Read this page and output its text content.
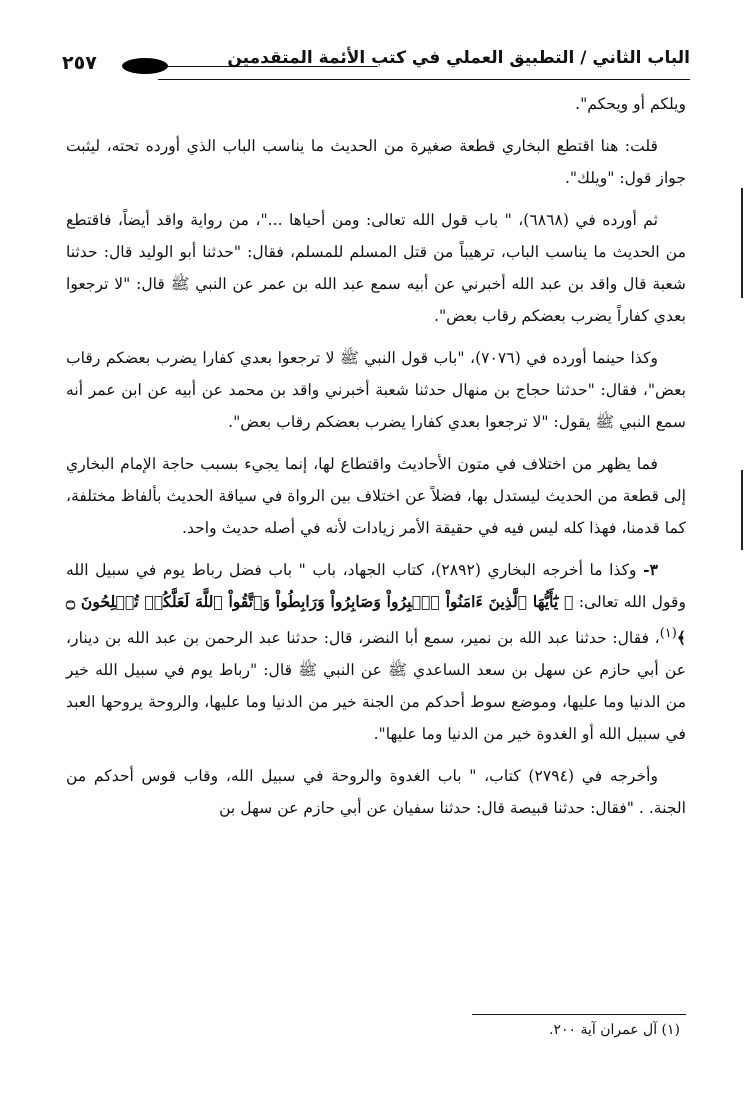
٢٥٧	الباب الثاني / التطبيق العملي في كتب الأئمة المتقدمين

ويلكم أو ويحكم".

قلت: هنا اقتطع البخاري قطعة صغيرة من الحديث ما يناسب الباب الذي أورده تحته، ليثبت جواز قول: "ويلك".

ثم أورده في (٦٨٦٨)، " باب قول الله تعالى: ومن أحياها ..."، من رواية واقد أيضاً، فاقتطع من الحديث ما يناسب الباب، ترهيباً من قتل المسلم للمسلم، فقال: "حدثنا أبو الوليد قال: حدثنا شعبة قال واقد بن عبد الله أخبرني عن أبيه سمع عبد الله بن عمر عن النبي ﷺ قال: "لا ترجعوا بعدي كفاراً يضرب بعضكم رقاب بعض".

وكذا حينما أورده في (٧٠٧٦)، "باب قول النبي ﷺ لا ترجعوا بعدي كفارا يضرب بعضكم رقاب بعض"، فقال: "حدثنا حجاج بن منهال حدثنا شعبة أخبرني واقد بن محمد عن أبيه عن ابن عمر أنه سمع النبي ﷺ يقول: "لا ترجعوا بعدي كفارا يضرب بعضكم رقاب بعض".

فما يظهر من اختلاف في متون الأحاديث واقتطاع لها، إنما يجيء بسبب حاجة الإمام البخاري إلى قطعة من الحديث ليستدل بها، فضلاً عن اختلاف بين الرواة في سياقة الحديث بألفاظ مختلفة، كما قدمنا، فهذا كله ليس فيه في حقيقة الأمر زيادات لأنه في أصله حديث واحد.

٣- وكذا ما أخرجه البخاري (٢٨٩٢)، كتاب الجهاد، باب " باب فضل رباط يوم في سبيل الله وقول الله تعالى: ﴿ يَٰٓأَيُّهَا ٱلَّذِينَ ءَامَنُواْ ٱصۡبِرُواْ وَصَابِرُواْ وَرَابِطُواْ وَٱتَّقُواْ ٱللَّهَ لَعَلَّكُمۡ تُفۡلِحُونَ ۝ ﴾$^{(١)}$، فقال: حدثنا عبد الله بن نمير، سمع أبا النضر، قال: حدثنا عبد الرحمن بن عبد الله بن دينار، عن أبي حازم عن سهل بن سعد الساعدي ﷺ عن النبي ﷺ قال: "رباط يوم في سبيل الله خير من الدنيا وما عليها، وموضع سوط أحدكم من الجنة خير من الدنيا وما عليها، والروحة يروحها العبد في سبيل الله أو الغدوة خير من الدنيا وما عليها".

وأخرجه في (٢٧٩٤) كتاب، " باب الغدوة والروحة في سبيل الله، وقاب قوس أحدكم من الجنة. . "فقال: حدثنا قبيصة قال: حدثنا سفيان عن أبي حازم عن سهل بن

(١) آل عمران آية ٢٠٠.
